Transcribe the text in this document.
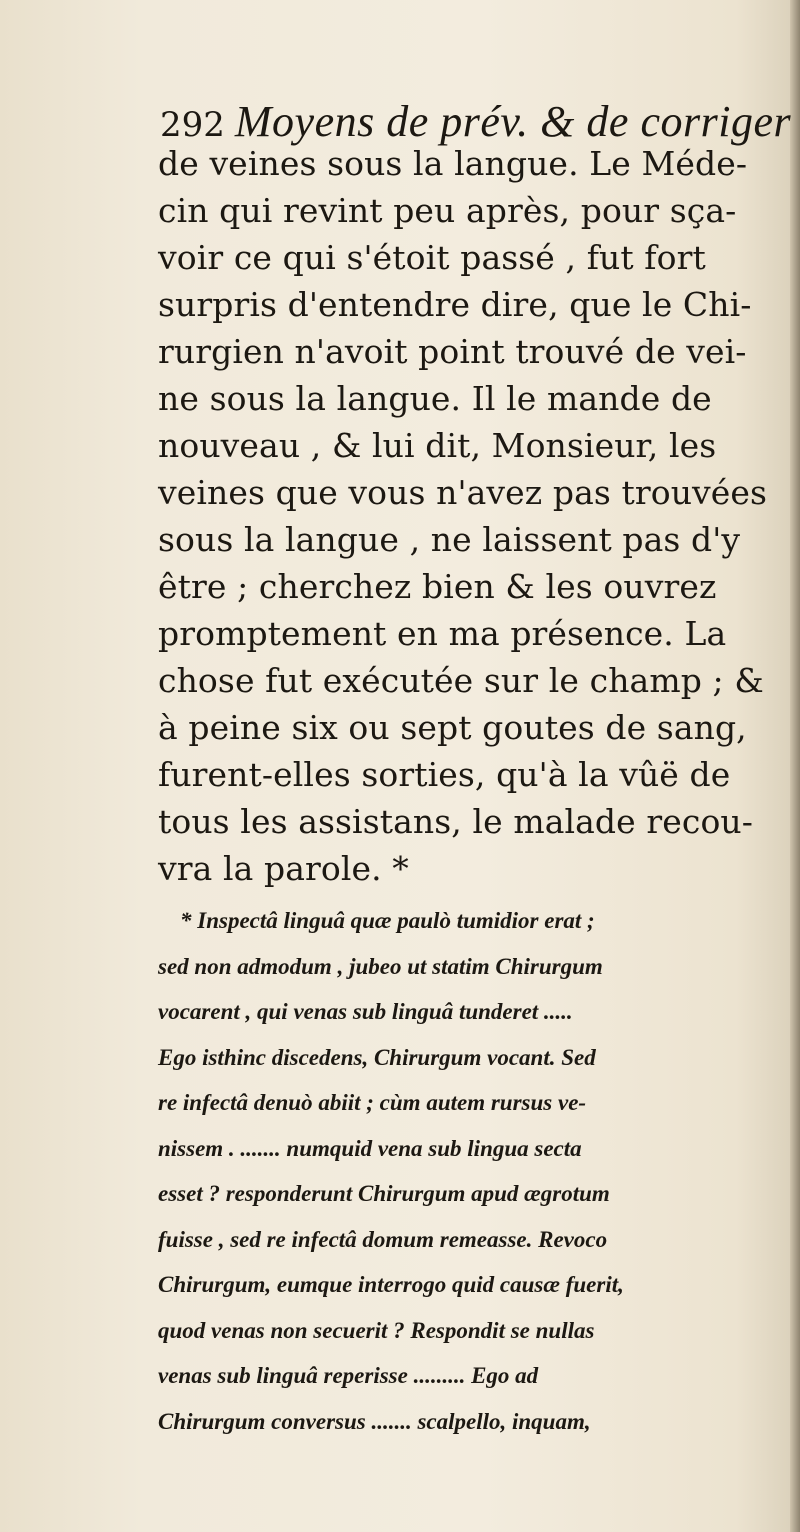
292 Moyens de prév. & de corriger
de veines sous la langue. Le Méde-
cin qui revint peu après, pour sça-
voir ce qui s'étoit passé , fut fort
surpris d'entendre dire, que le Chi-
rurgien n'avoit point trouvé de vei-
ne sous la langue. Il le mande de
nouveau , & lui dit, Monsieur, les
veines que vous n'avez pas trouvées
sous la langue , ne laissent pas d'y
être ; cherchez bien & les ouvrez
promptement en ma présence. La
chose fut exécutée sur le champ ; &
à peine six ou sept goutes de sang,
furent-elles sorties, qu'à la vûë de
tous les assistans, le malade recou-
vra la parole. *
* Inspectâ linguâ quæ paulò tumidior erat ;
sed non admodum , jubeo ut statim Chirurgum
vocarent , qui venas sub linguâ tunderet .....
Ego isthinc discedens, Chirurgum vocant. Sed
re infectâ denuò abiit ; cùm autem rursus ve-
nissem . ....... numquid vena sub lingua secta
esset ? responderunt Chirurgum apud ægrotum
fuisse , sed re infectâ domum remeasse. Revoco
Chirurgum, eumque interrogo quid causæ fuerit,
quod venas non secuerit ? Respondit se nullas
venas sub linguâ reperisse ......... Ego ad
Chirurgum conversus ....... scalpello, inquam,
